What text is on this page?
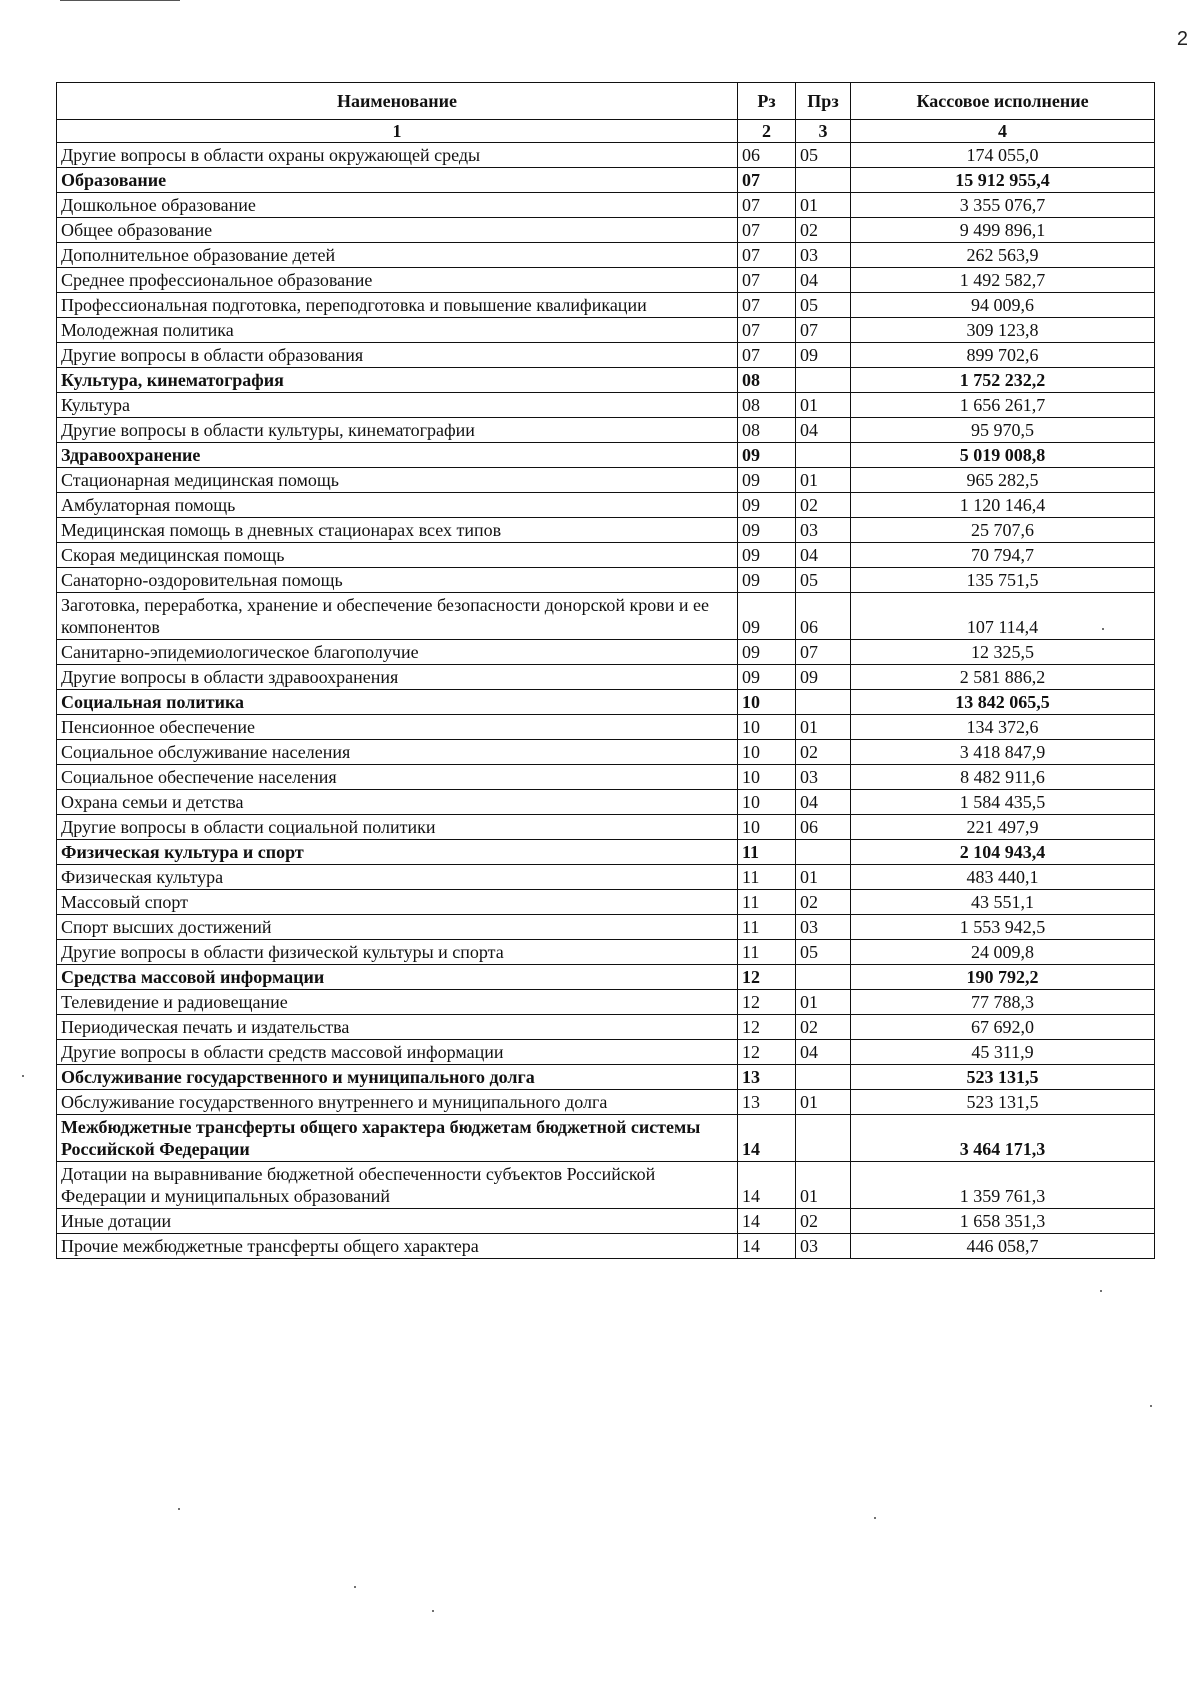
2
Наименование	Рз	Прз	Кассовое исполнение
1	2	3	4
Другие вопросы в области охраны окружающей среды	06	05	174 055,0
Образование	07		15 912 955,4
Дошкольное образование	07	01	3 355 076,7
Общее образование	07	02	9 499 896,1
Дополнительное образование детей	07	03	262 563,9
Среднее профессиональное образование	07	04	1 492 582,7
Профессиональная подготовка, переподготовка и повышение квалификации	07	05	94 009,6
Молодежная политика	07	07	309 123,8
Другие вопросы в области образования	07	09	899 702,6
Культура, кинематография	08		1 752 232,2
Культура	08	01	1 656 261,7
Другие вопросы в области культуры, кинематографии	08	04	95 970,5
Здравоохранение	09		5 019 008,8
Стационарная медицинская помощь	09	01	965 282,5
Амбулаторная помощь	09	02	1 120 146,4
Медицинская помощь в дневных стационарах всех типов	09	03	25 707,6
Скорая медицинская помощь	09	04	70 794,7
Санаторно-оздоровительная помощь	09	05	135 751,5
Заготовка, переработка, хранение и обеспечение безопасности донорской крови и ее компонентов	09	06	107 114,4
Санитарно-эпидемиологическое благополучие	09	07	12 325,5
Другие вопросы в области здравоохранения	09	09	2 581 886,2
Социальная политика	10		13 842 065,5
Пенсионное обеспечение	10	01	134 372,6
Социальное обслуживание населения	10	02	3 418 847,9
Социальное обеспечение населения	10	03	8 482 911,6
Охрана семьи и детства	10	04	1 584 435,5
Другие вопросы в области социальной политики	10	06	221 497,9
Физическая культура и спорт	11		2 104 943,4
Физическая культура	11	01	483 440,1
Массовый спорт	11	02	43 551,1
Спорт высших достижений	11	03	1 553 942,5
Другие вопросы в области физической культуры и спорта	11	05	24 009,8
Средства массовой информации	12		190 792,2
Телевидение и радиовещание	12	01	77 788,3
Периодическая печать и издательства	12	02	67 692,0
Другие вопросы в области средств массовой информации	12	04	45 311,9
Обслуживание государственного и муниципального долга	13		523 131,5
Обслуживание государственного внутреннего и муниципального долга	13	01	523 131,5
Межбюджетные трансферты общего характера бюджетам бюджетной системы Российской Федерации	14		3 464 171,3
Дотации на выравнивание бюджетной обеспеченности субъектов Российской Федерации и муниципальных образований	14	01	1 359 761,3
Иные дотации	14	02	1 658 351,3
Прочие межбюджетные трансферты общего характера	14	03	446 058,7
